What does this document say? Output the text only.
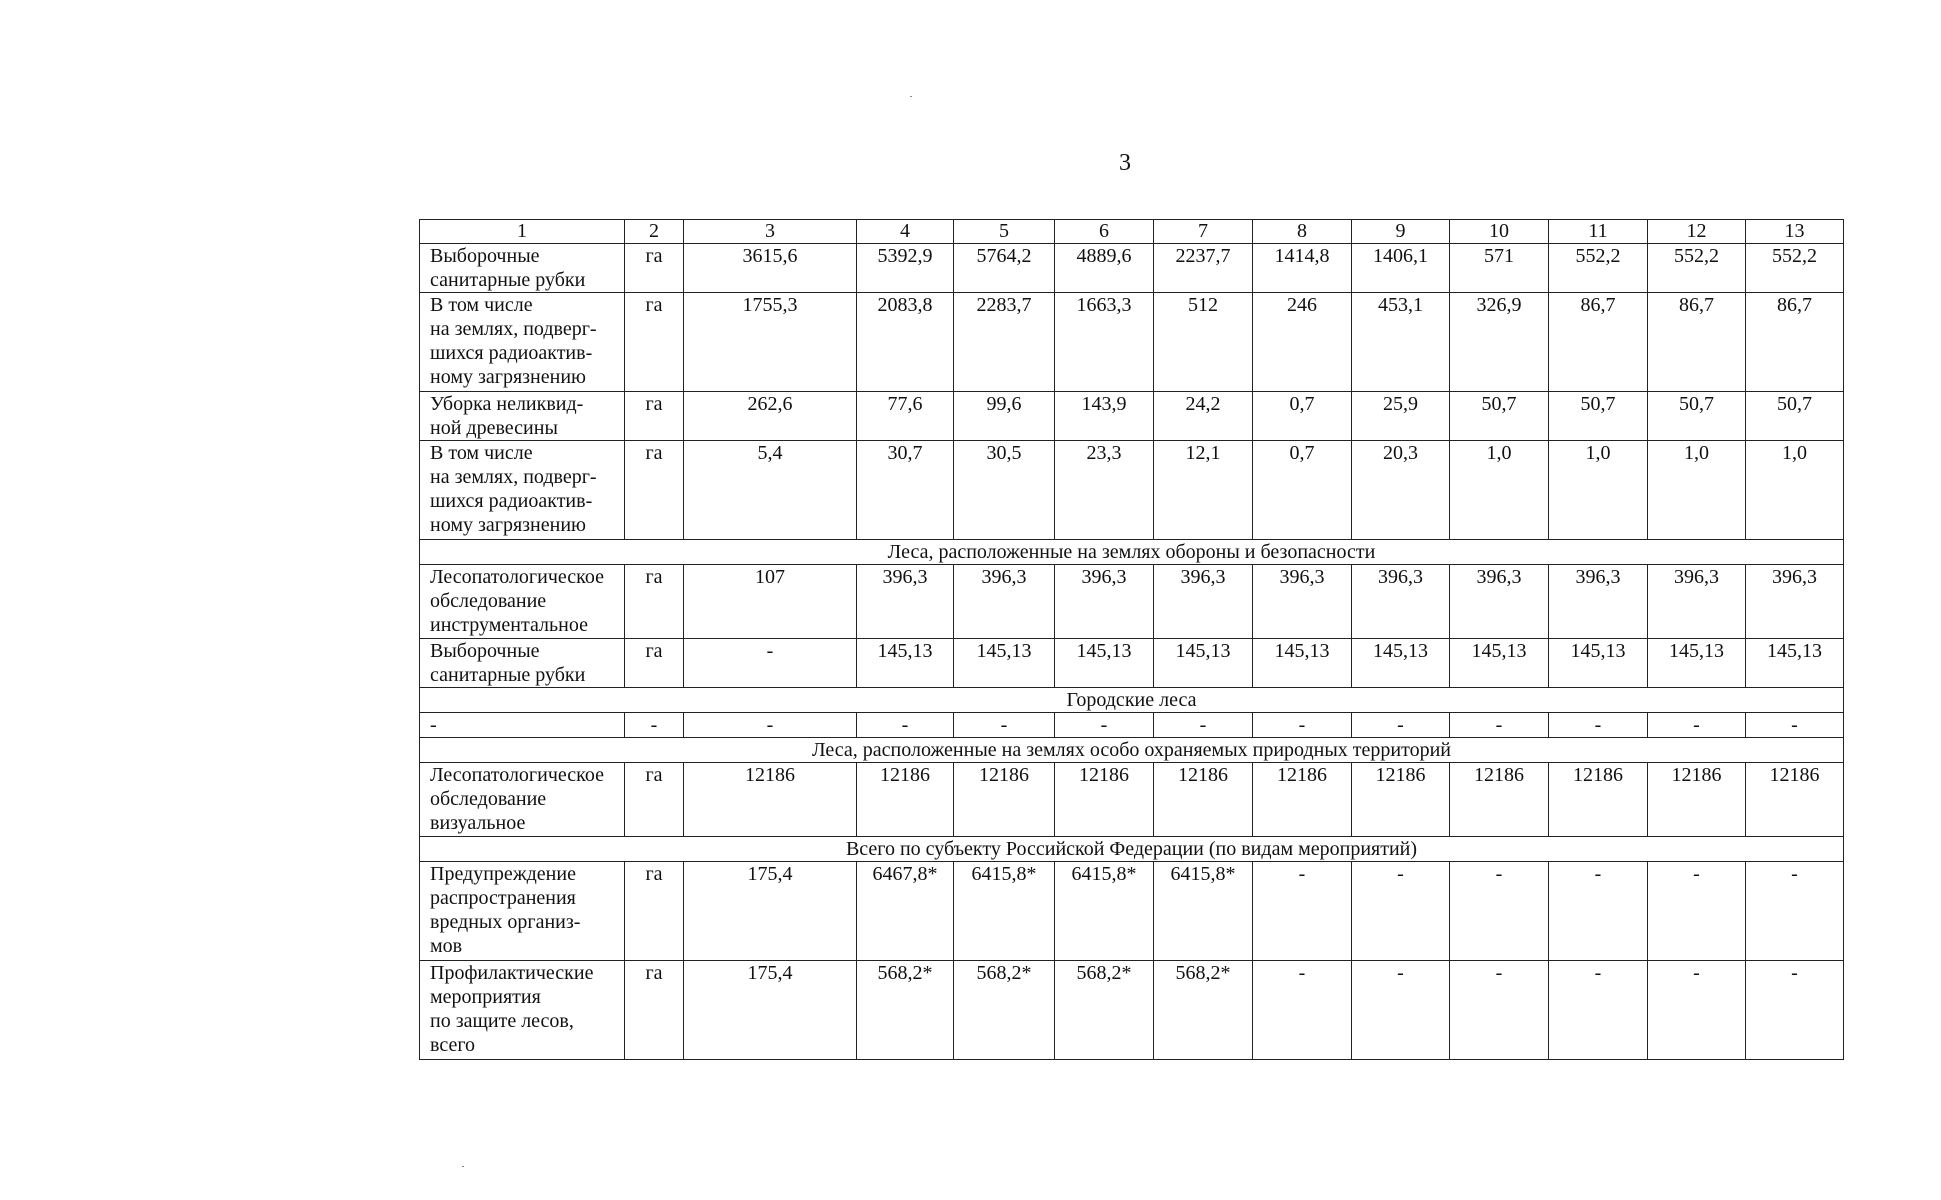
3
1	2	3	4	5	6	7	8	9	10	11	12	13

Выборочные
санитарные рубки	га	3615,6	5392,9	5764,2	4889,6	2237,7	1414,8	1406,1	571	552,2	552,2	552,2

В том числе
на землях, подверг-
шихся радиоактив-
ному загрязнению	га	1755,3	2083,8	2283,7	1663,3	512	246	453,1	326,9	86,7	86,7	86,7

Уборка неликвид-
ной древесины	га	262,6	77,6	99,6	143,9	24,2	0,7	25,9	50,7	50,7	50,7	50,7

В том числе
на землях, подверг-
шихся радиоактив-
ному загрязнению	га	5,4	30,7	30,5	23,3	12,1	0,7	20,3	1,0	1,0	1,0	1,0
Леса, расположенные на землях обороны и безопасности												

Лесопатологическое
обследование
инструментальное	га	107	396,3	396,3	396,3	396,3	396,3	396,3	396,3	396,3	396,3	396,3

Выборочные
санитарные рубки	га	-	145,13	145,13	145,13	145,13	145,13	145,13	145,13	145,13	145,13	145,13
Городские леса												

-	-	-	-	-	-	-	-	-	-	-	-	-
Леса, расположенные на землях особо охраняемых природных территорий												

Лесопатологическое
обследование
визуальное	га	12186	12186	12186	12186	12186	12186	12186	12186	12186	12186	12186
Всего по субъекту Российской Федерации (по видам мероприятий)												

Предупреждение
распространения
вредных организ-
мов	га	175,4	6467,8*	6415,8*	6415,8*	6415,8*	-	-	-	-	-	-

Профилактические
мероприятия
по защите лесов,
всего	га	175,4	568,2*	568,2*	568,2*	568,2*	-	-	-	-	-	-
